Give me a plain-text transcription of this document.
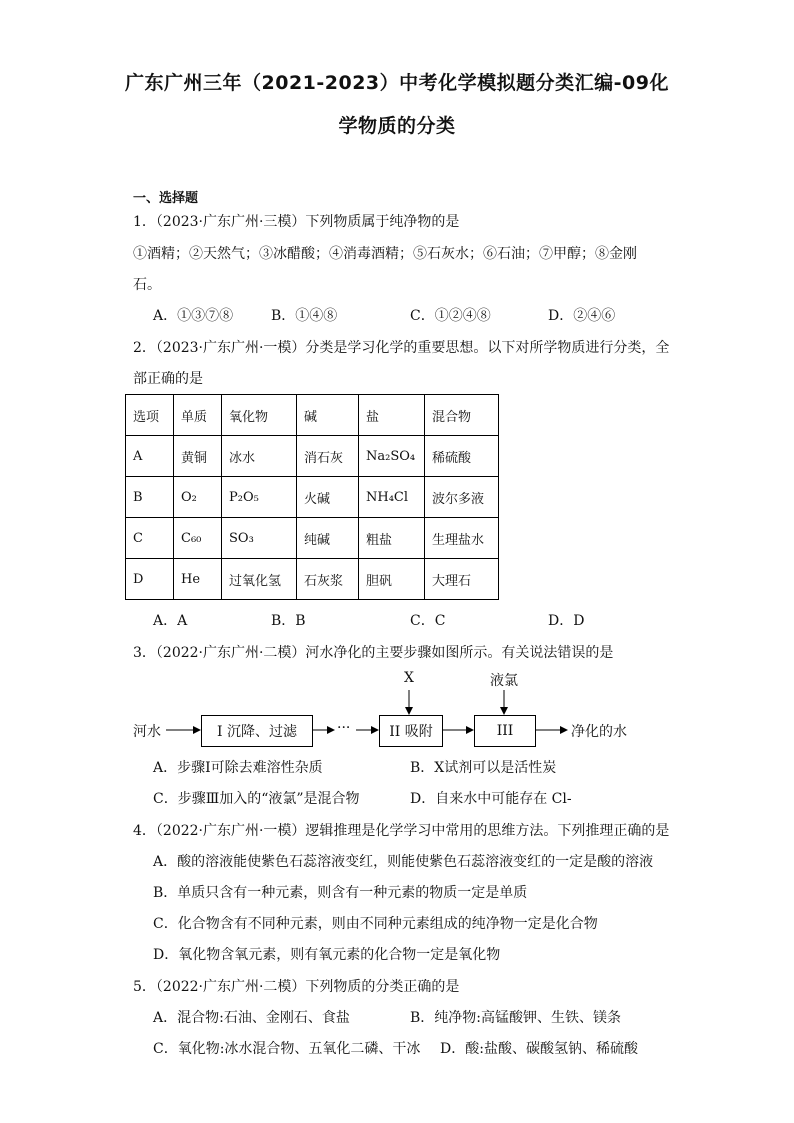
广东广州三年（2021-2023）中考化学模拟题分类汇编-09化
学物质的分类
一、选择题
1．（2023·广东广州·三模）下列物质属于纯净物的是
①酒精；②天然气；③冰醋酸；④消毒酒精；⑤石灰水；⑥石油；⑦甲醇；⑧金刚
石。
A．①③⑦⑧	B．①④⑧	C．①②④⑧	D．②④⑥
2．（2023·广东广州·一模）分类是学习化学的重要思想。以下对所学物质进行分类，全
部正确的是
选项	单质	氧化物	碱	盐	混合物
A	黄铜	冰水	消石灰	Na₂SO₄	稀硫酸
B	O₂	P₂O₅	火碱	NH₄Cl	波尔多液
C	C₆₀	SO₃	纯碱	粗盐	生理盐水
D	He	过氧化氢	石灰浆	胆矾	大理石
A．A	B．B	C．C	D．D
3．（2022·广东广州·二模）河水净化的主要步骤如图所示。有关说法错误的是
河水	I 沉降、过滤	···	II 吸附	III
X	液氯
净化的水
A．步骤Ⅰ可除去难溶性杂质	B．X试剂可以是活性炭
C．步骤Ⅲ加入的“液氯”是混合物	D．自来水中可能存在 Cl-
4．（2022·广东广州·一模）逻辑推理是化学学习中常用的思维方法。下列推理正确的是
A．酸的溶液能使紫色石蕊溶液变红，则能使紫色石蕊溶液变红的一定是酸的溶液
B．单质只含有一种元素，则含有一种元素的物质一定是单质
C．化合物含有不同种元素，则由不同种元素组成的纯净物一定是化合物
D．氧化物含氧元素，则有氧元素的化合物一定是氧化物
5．（2022·广东广州·二模）下列物质的分类正确的是
A．混合物:石油、金刚石、食盐	B．纯净物:高锰酸钾、生铁、镁条
C．氧化物:冰水混合物、五氧化二磷、干冰 D．酸:盐酸、碳酸氢钠、稀硫酸
